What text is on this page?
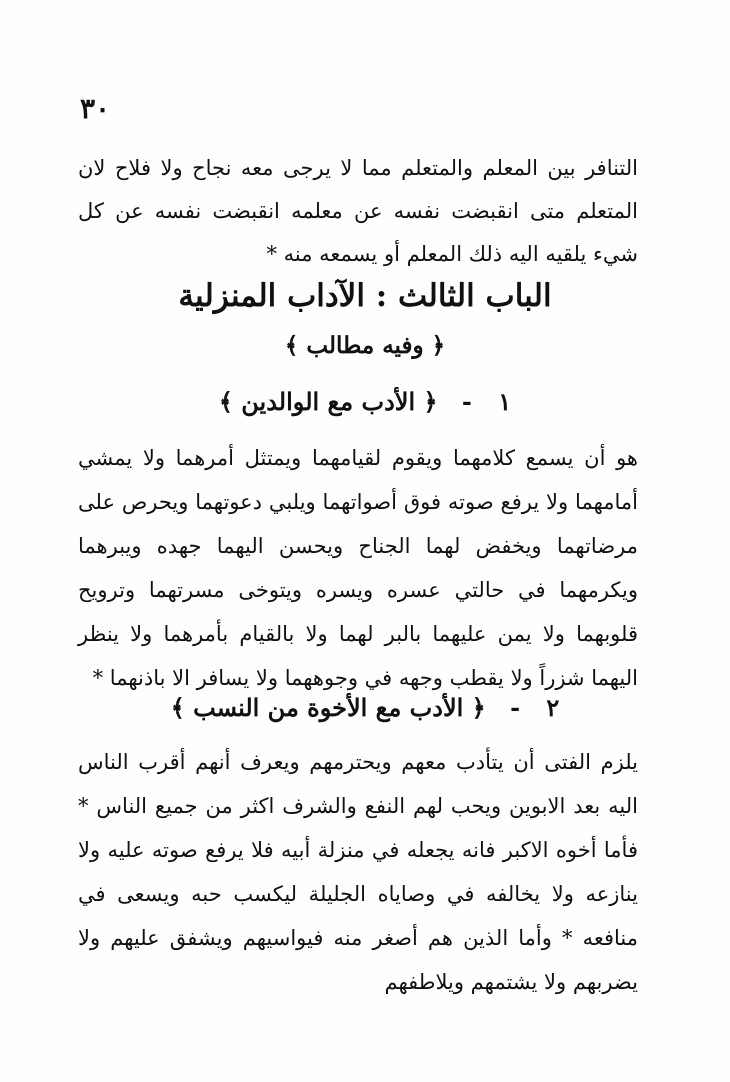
٣٠

التنافر بين المعلم والمتعلم مما لا يرجى معه نجاح ولا فلاح لان المتعلم متى انقبضت نفسه عن معلمه انقبضت نفسه عن كل شيء يلقيه اليه ذلك المعلم أو يسمعه منه *

الباب الثالث : الآداب المنزلية
﴿ وفيه مطالب ﴾
١ - ﴿ الأدب مع الوالدين ﴾

هو أن يسمع كلامهما ويقوم لقيامهما ويمتثل أمرهما ولا يمشي أمامهما ولا يرفع صوته فوق أصواتهما ويلبي دعوتهما ويحرص على مرضاتهما ويخفض لهما الجناح ويحسن اليهما جهده ويبرهما ويكرمهما في حالتي عسره ويسره ويتوخى مسرتهما وترويح قلوبهما ولا يمن عليهما بالبر لهما ولا بالقيام بأمرهما ولا ينظر اليهما شزراً ولا يقطب وجهه في وجوههما ولا يسافر الا باذنهما *

٢ - ﴿ الأدب مع الأخوة من النسب ﴾

يلزم الفتى أن يتأدب معهم ويحترمهم ويعرف أنهم أقرب الناس اليه بعد الابوين ويحب لهم النفع والشرف اكثر من جميع الناس * فأما أخوه الاكبر فانه يجعله في منزلة أبيه فلا يرفع صوته عليه ولا ينازعه ولا يخالفه في وصاياه الجليلة ليكسب حبه ويسعى في منافعه * وأما الذين هم أصغر منه فيواسيهم ويشفق عليهم ولا يضربهم ولا يشتمهم ويلاطفهم
